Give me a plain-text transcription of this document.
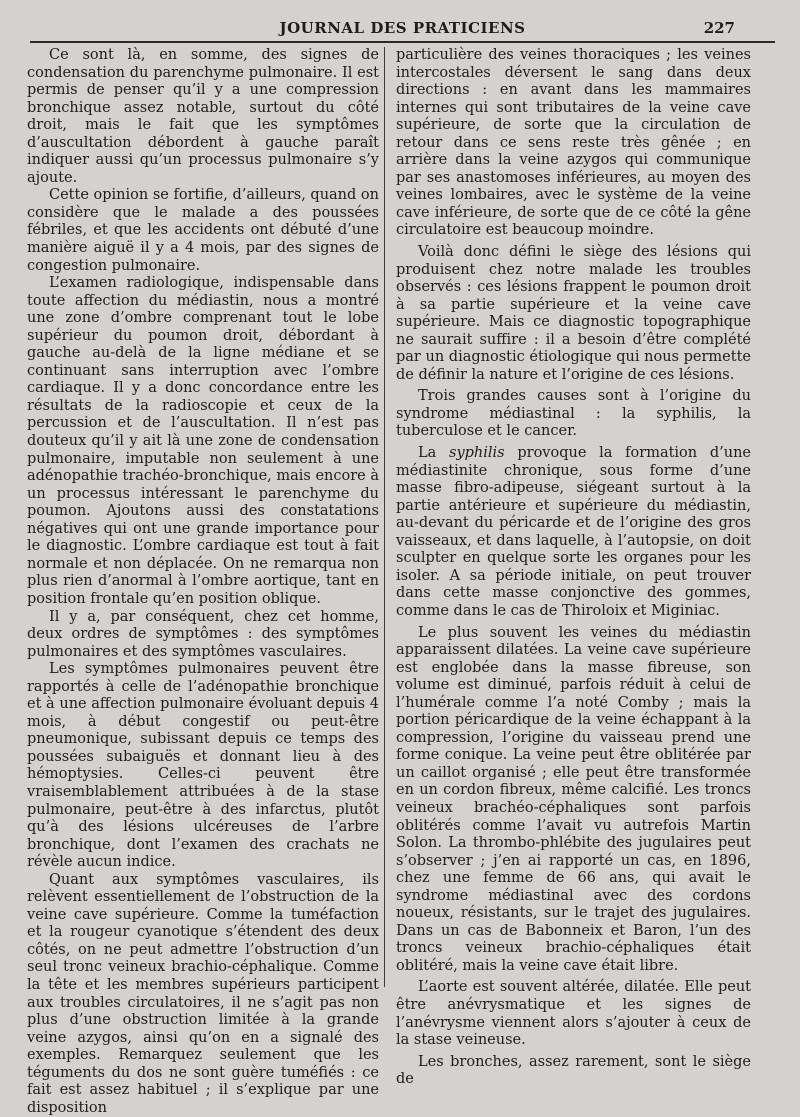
JOURNAL DES PRATICIENS	227

Ce sont là, en somme, des signes de condensation du parenchyme pulmonaire. Il est permis de penser qu’il y a une compression bronchique assez notable, surtout du côté droit, mais le fait que les symptômes d’auscultation débordent à gauche paraît indiquer aussi qu’un processus pulmonaire s’y ajoute.

Cette opinion se fortifie, d’ailleurs, quand on considère que le malade a des poussées fébriles, et que les accidents ont débuté d’une manière aiguë il y a 4 mois, par des signes de congestion pulmonaire.

L’examen radiologique, indispensable dans toute affection du médiastin, nous a montré une zone d’ombre comprenant tout le lobe supérieur du poumon droit, débordant à gauche au-delà de la ligne médiane et se continuant sans interruption avec l’ombre cardiaque. Il y a donc concordance entre les résultats de la radioscopie et ceux de la percussion et de l’auscultation. Il n’est pas douteux qu’il y ait là une zone de condensation pulmonaire, imputable non seulement à une adénopathie trachéo-bronchique, mais encore à un processus intéressant le parenchyme du poumon. Ajoutons aussi des constatations négatives qui ont une grande importance pour le diagnostic. L’ombre cardiaque est tout à fait normale et non déplacée. On ne remarqua non plus rien d’anormal à l’ombre aortique, tant en position frontale qu’en position oblique.

Il y a, par conséquent, chez cet homme, deux ordres de symptômes : des symptômes pulmonaires et des symptômes vasculaires.

Les symptômes pulmonaires peuvent être rapportés à celle de l’adénopathie bronchique et à une affection pulmonaire évoluant depuis 4 mois, à début congestif ou peut-être pneumonique, subissant depuis ce temps des poussées subaiguës et donnant lieu à des hémoptysies. Celles-ci peuvent être vraisemblablement attribuées à de la stase pulmonaire, peut-être à des infarctus, plutôt qu’à des lésions ulcéreuses de l’arbre bronchique, dont l’examen des crachats ne révèle aucun indice.

Quant aux symptômes vasculaires, ils relèvent essentiellement de l’obstruction de la veine cave supérieure. Comme la tuméfaction et la rougeur cyanotique s’étendent des deux côtés, on ne peut admettre l’obstruction d’un seul tronc veineux brachio-céphalique. Comme la tête et les membres supérieurs participent aux troubles circulatoires, il ne s’agit pas non plus d’une obstruction limitée à la grande veine azygos, ainsi qu’on en a signalé des exemples. Remarquez seulement que les téguments du dos ne sont guère tuméfiés : ce fait est assez habituel ; il s’explique par une disposition

particulière des veines thoraciques ; les veines intercostales déversent le sang dans deux directions : en avant dans les mammaires internes qui sont tributaires de la veine cave supérieure, de sorte que la circulation de retour dans ce sens reste très gênée ; en arrière dans la veine azygos qui communique par ses anastomoses inférieures, au moyen des veines lombaires, avec le système de la veine cave inférieure, de sorte que de ce côté la gêne circulatoire est beaucoup moindre.

Voilà donc défini le siège des lésions qui produisent chez notre malade les troubles observés : ces lésions frappent le poumon droit à sa partie supérieure et la veine cave supérieure. Mais ce diagnostic topographique ne saurait suffire : il a besoin d’être complété par un diagnostic étiologique qui nous permette de définir la nature et l’origine de ces lésions.

Trois grandes causes sont à l’origine du syndrome médiastinal : la syphilis, la tuberculose et le cancer.

La syphilis provoque la formation d’une médiastinite chronique, sous forme d’une masse fibro-adipeuse, siégeant surtout à la partie antérieure et supérieure du médiastin, au-devant du péricarde et de l’origine des gros vaisseaux, et dans laquelle, à l’autopsie, on doit sculpter en quelque sorte les organes pour les isoler. A sa période initiale, on peut trouver dans cette masse conjonctive des gommes, comme dans le cas de Thiroloix et Miginiac.

Le plus souvent les veines du médiastin apparaissent dilatées. La veine cave supérieure est englobée dans la masse fibreuse, son volume est diminué, parfois réduit à celui de l’humérale comme l’a noté Comby ; mais la portion péricardique de la veine échappant à la compression, l’origine du vaisseau prend une forme conique. La veine peut être oblitérée par un caillot organisé ; elle peut être transformée en un cordon fibreux, même calcifié. Les troncs veineux brachéo-céphaliques sont parfois oblitérés comme l’avait vu autrefois Martin Solon. La thrombo-phlébite des jugulaires peut s’observer ; j’en ai rapporté un cas, en 1896, chez une femme de 66 ans, qui avait le syndrome médiastinal avec des cordons noueux, résistants, sur le trajet des jugulaires. Dans un cas de Babonneix et Baron, l’un des troncs veineux brachio-céphaliques était oblitéré, mais la veine cave était libre.

L’aorte est souvent altérée, dilatée. Elle peut être anévrysmatique et les signes de l’anévrysme viennent alors s’ajouter à ceux de la stase veineuse.

Les bronches, assez rarement, sont le siège de
